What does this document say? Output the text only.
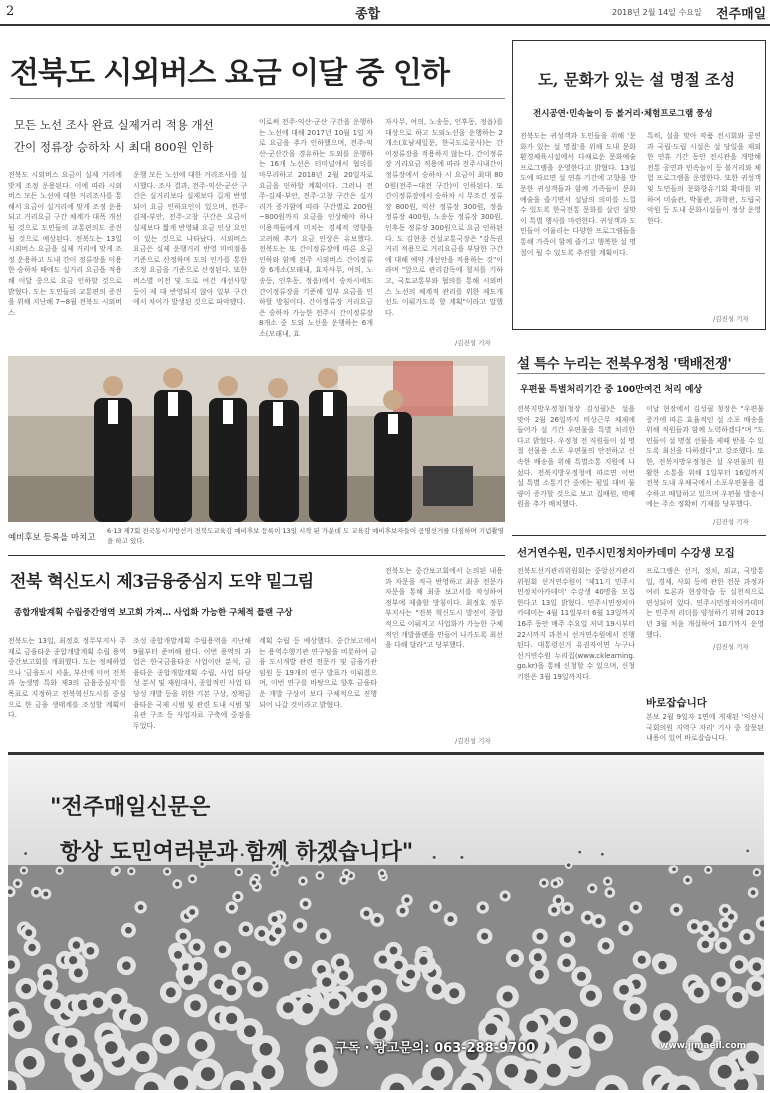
2	종합	2018년 2월 14일 수요일 전주매일
전북도 시외버스 요금 이달 중 인하
모든 노선 조사 완료 실제거리 적용 개선
간이 정류장 승하차 시 최대 800원 인하
전북도 시외버스 요금이 실제 거리에 맞게 조정 운용된다. 이에 따라 시외버스 모든 노선에 대한 거리조사를 통해서 요금이 실거리에 맞게 조정 운용되고 거리요금 구간 체계가 대폭 개선될 것으로 도민들의 교통편의도 증진될 것으로 예상된다. 전북도는 13일 시외버스 요금을 실제 거리에 맞게 조정 운용하고 도내 간이 정류장을 이용한 승하차 때에도 실거리 요금을 적용해 이달 중으로 요금 인하할 것으로 밝혔다. 도는 도민들의 교통편의 증진을 위해 지난해 7~8월 전북도 시외버스
운행 모든 노선에 대한 거리조사를 실시했다. 조사 결과, 전주-익산-군산 구간은 실거리보다 실제보다 길게 반영되어 요금 인하요인이 있으며, 전주-김제-부안, 전주-고창 구간은 요금이 실제보다 짧게 반영돼 요금 인상 요인이 있는 것으로 나타났다. 시외버스 요금은 실제 운행거리 반영 미비점을 기준으로 산정하며 도의 인가를 통한 조정 요금을 기준으로 산정된다. 또한 버스별 이전 및 도로 여건 개선사항 등이 제 대 반영되지 않아 일부 구간에서 차이가 발생된 것으로 파악됐다.
이로써 전주-익산-군산 구간을 운행하는 노선에 대해 2017년 10월 1일 자로 요금을 추가 인하했으며, 전주-익산-군산간을 경유하는 도외를 운행하는 16개 노선은 터미널에서 협의를 마무리하고 2018년 2월 20일자로 요금을 인하할 계획이다. 그러나 전주-김제-부안, 전주-고창 구간은 실거리가 증가함에 따라 구간별로 200원~800원까지 요금을 인상해야 하나 이용객들에게 미치는 경제적 영향을 고려해 추가 요금 인상은 유보했다. 전북도는 또 간이정류장에 따른 요금인하와 함께 전주 시외버스 간이정류장 6개소(모래내, 효자사무, 여의, 노송동, 인후동, 정읍)에서 승차시에도 간이정류장을 기준해 일부 요금을 인하할 방침이다. 간이정류장 거리요금은 승하차 가능한 전주시 간이정류장 8개소 중 도외 노선을 운행하는 6개소(모래내, 효
자사무, 여의, 노송동, 인후동, 정읍)를 대상으로 하고 도외노선을 운행하는 2개소(호남제일문, 한국도로공사)는 간이정류장을 적용하지 않는다. 간이정류장 거리요금 적용에 따라 전주시내간이정류장에서 승하차 시 요금이 최대 800원(전주~대전 구간)이 인하된다. 또 간이정류장에서 승하차 시 무조건 정류장 800원, 익산 정류장 300원, 정읍 정류장 400원, 노송동 정류장 300원, 인후동 정류장 300원으로 요금 인하된다. 도 김현종 건설교통국장은 "감독권 거리 적용으로 거리요금을 부담한 구간에 대해 예약 개선안을 적용하는 것"이라며 "앞으로 관리감독에 철저를 기하고, 국토교통부와 협의를 통해 시외버스 노선의 체계적 관리를 위한 제도개선도 이뤄가도록 할 계획"이라고 말했다.
/김진성 기자
도, 문화가 있는 설 명절 조성
전시공연·민속놀이 등 볼거리·체험프로그램 풍성
전북도는 귀성객과 도민들을 위해 '문화가 있는 설 명절'을 위해 도내 문화환경체육시설에서 다채로운 문화예술 프로그램을 운영한다고 밝혔다. 13일 도에 따르면 설 연휴 기간에 고향을 방문한 귀성객들과 함께 가족들이 문화예술을 즐기면서 설날의 의미를 느낄 수 있도록 한국전통 문화를 살린 설맞이 특별 행사를 마련한다. 귀성객과 도민들이 어울리는 다양한 프로그램들을 통해 가족이 함께 즐기고 행복한 설 명절이 될 수 있도록 추진할 계획이다.
특히, 설을 맞아 작품 전시회와 공연과 국립·도립 시설은 설 당일을 제외한 연휴 기간 동안 전시관을 개방해 전통 공연과 민속놀이 등 볼거리와 체험 프로그램을 운영한다. 또한 귀성객 및 도민들의 문화향유기회 확대를 위하여 미술관, 박물관, 과학관, 도립국악원 등 도내 문화시설들이 정상 운영한다.
/김진성 기자
설 특수 누리는 전북우정청 '택배전쟁'
우편물 특별처리기간 중 100만여건 처리 예상
전북지방우정청(청장 김성필)은 설을 맞아 2월 26일까지 비상근무 체제에 들어가 설 기간 우편물을 특별 처리한다고 밝혔다. 우정청 전 직원들이 설 명절 선물용 소포 우편물의 안전하고 신속한 배송을 위해 특별소통 지원에 나섰다. 전북지방우정청에 따르면 이번 설 특별 소통기간 중에는 평일 대비 물량이 증가할 것으로 보고 집배원, 택배원을 추가 배치했다.
이날 현장에서 김성필 청장은 "우편물 증가에 따른 효율적인 설 소포 배송을 위해 직원들과 함께 노력하겠다"며 "도민들이 설 명절 선물을 제때 받을 수 있도록 최선을 다하겠다"고 강조했다. 또한, 전북지방우정청은 설 우편물의 원활한 소통을 위해 1일부터 16일까지 전북 도내 우체국에서 소포우편물을 접수하고 배달하고 있으며 우편물 발송시에는 주소 정확히 기재를 당부했다.
/김진성 기자
예비후보 등록을 마치고
6·13 제7회 전국동시지방선거 전북도교육감 예비후보 등록이 13일 시작 된 가운데 도 교육감 예비후보자들이 공명선거를 다짐하며 기념촬영을 하고 있다.
전북 혁신도시 제3금융중심지 도약 밑그림
종합개발계획 수립중간영역 보고회 가져… 사업화 가능한 구체적 플랜 구상
전북도는 13일, 최정호 정무부지사 주재로 금융타운 종합개발계획 수립 용역 중간보고회를 개최했다. 도는 정체하였으나 '금융도시 서울, 부산에 이어 전북과 농생명 특화 제3의 금융중심지'를 목표로 지정하고 전북혁신도시를 중심으로 한 금융 생태계를 조성할 계획이다.
조성 종합개발계획 수립용역을 지난해 9월부터 준비해 왔다. 이번 용역의 과업은 한국금융타운 사업이란 분석, 금융타운 종합개발계획 수립, 사업 타당성 분석 및 재원대사, 종합적인 사업 타당성 개발 등을 위한 기본 구상, 정책금융타운 국제 시범 및 관련 도내 시범 및 유관 구조 등 사업자료 구축에 중점을 두었다.
계획 수립 등 예상했다. 중간보고에서는 용역수행기관 연구팀을 비롯하여 금융 도시개발 관련 전문가 및 금융기관 임원 등 19개의 연구 발표가 이뤄졌으며, 이번 연구를 바탕으로 향후 금융타운 개발 구상이 보다 구체적으로 진행되어 나갈 것이라고 밝혔다.
전북도는 중간보고회에서 논의된 내용과 자문을 적극 반영하고 최종 전문가 자문을 통해 최종 보고서를 작성하여 정부에 제출할 방침이다. 최정호 정무부지사는 "전북 혁신도시 발전이 종합적으로 이뤄지고 사업화가 가능한 구체적인 개발플랜을 만들어 나가도록 최선을 다해 달라"고 당부했다.
/김진성 기자
선거연수원, 민주시민정치아카데미 수강생 모집
전북도선거관리위원회는 중앙선거관리위원회 선거연수원이 '제11기 민주시민정치아카데미' 수강생 40명을 모집한다고 13일 밝혔다. 민주시민정치아카데미는 4월 11일부터 6월 13일까지 16주 동안 매주 수요일 저녁 19시부터 22시까지 과천시 선거연수원에서 진행된다. 대통령선거 유권자이면 누구나 선거연수원 누리집(www.cklearning.go.kr)을 통해 신청할 수 있으며, 신청기한은 3월 19일까지다.
프로그램은 선거, 정치, 외교, 국방통일, 경제, 사회 등에 관한 전문 과정과 여러 토론과 현장학습 등 실천적으로 편성되어 있다. 민주시민정치아카데미는 민주적 리더를 양성하기 위해 2013년 3월 처음 개설하여 10기까지 운영했다.
/김진성 기자
바로잡습니다
본보 2월 9일자 1면에 게재된 '익산시 국회의원 지역구 자리' 기사 중 잘못된 내용이 있어 바로잡습니다.
"전주매일신문은
항상 도민여러분과 함께 하겠습니다"
구독 · 광고문의: 063-288-9700	www.jjmaeil.com
